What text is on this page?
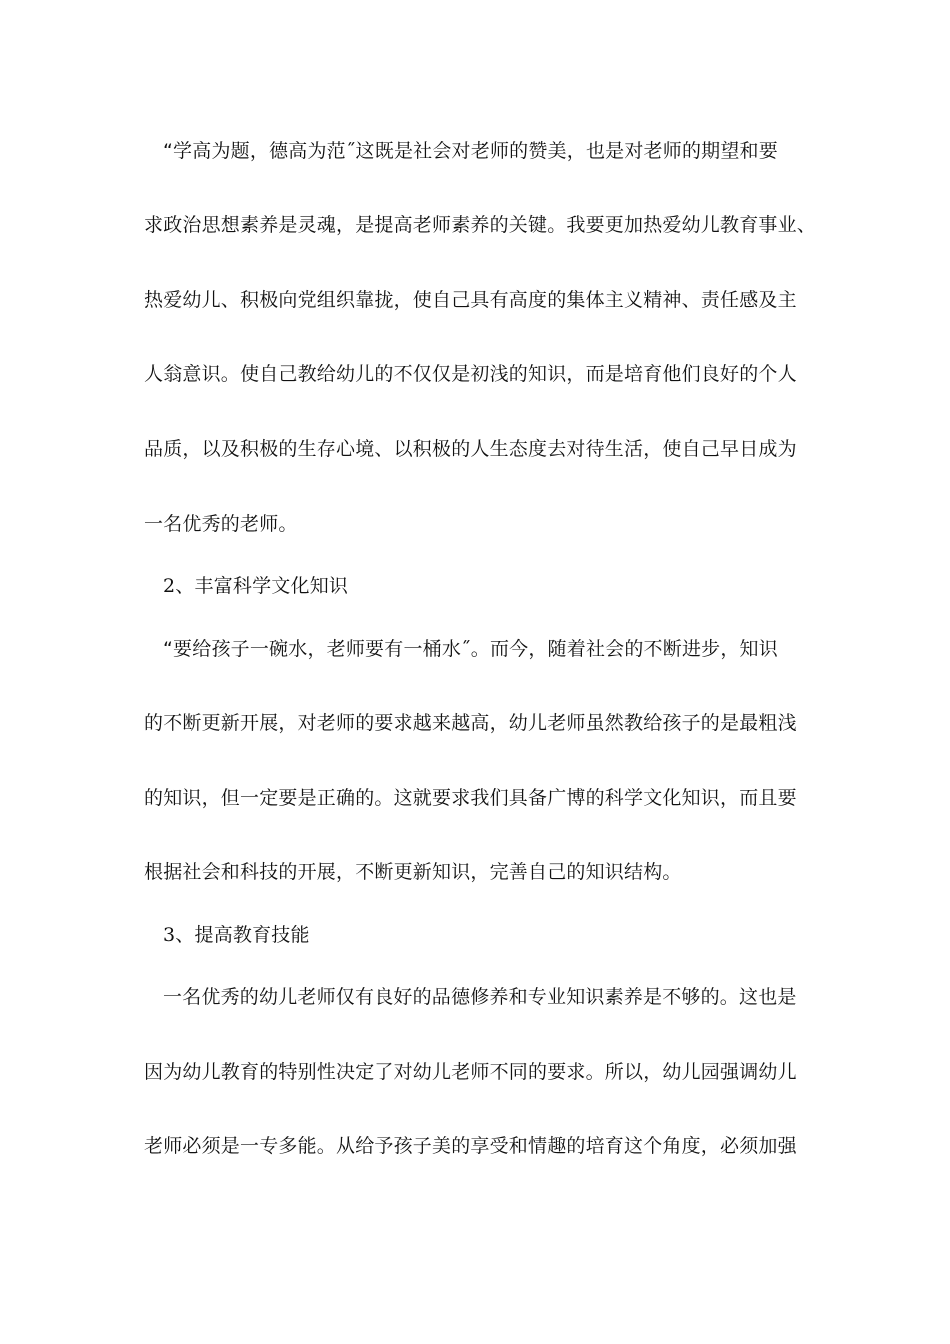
“学高为题，德高为范˝这既是社会对老师的赞美，也是对老师的期望和要
求政治思想素养是灵魂，是提高老师素养的关键。我要更加热爱幼儿教育事业、
热爱幼儿、积极向党组织靠拢，使自己具有高度的集体主义精神、责任感及主
人翁意识。使自己教给幼儿的不仅仅是初浅的知识，而是培育他们良好的个人
品质，以及积极的生存心境、以积极的人生态度去对待生活，使自己早日成为
一名优秀的老师。
2、丰富科学文化知识
“要给孩子一碗水，老师要有一桶水˝。而今，随着社会的不断进步，知识
的不断更新开展，对老师的要求越来越高，幼儿老师虽然教给孩子的是最粗浅
的知识，但一定要是正确的。这就要求我们具备广博的科学文化知识，而且要
根据社会和科技的开展，不断更新知识，完善自己的知识结构。
3、提高教育技能
一名优秀的幼儿老师仅有良好的品德修养和专业知识素养是不够的。这也是
因为幼儿教育的特别性决定了对幼儿老师不同的要求。所以，幼儿园强调幼儿
老师必须是一专多能。从给予孩子美的享受和情趣的培育这个角度，必须加强
